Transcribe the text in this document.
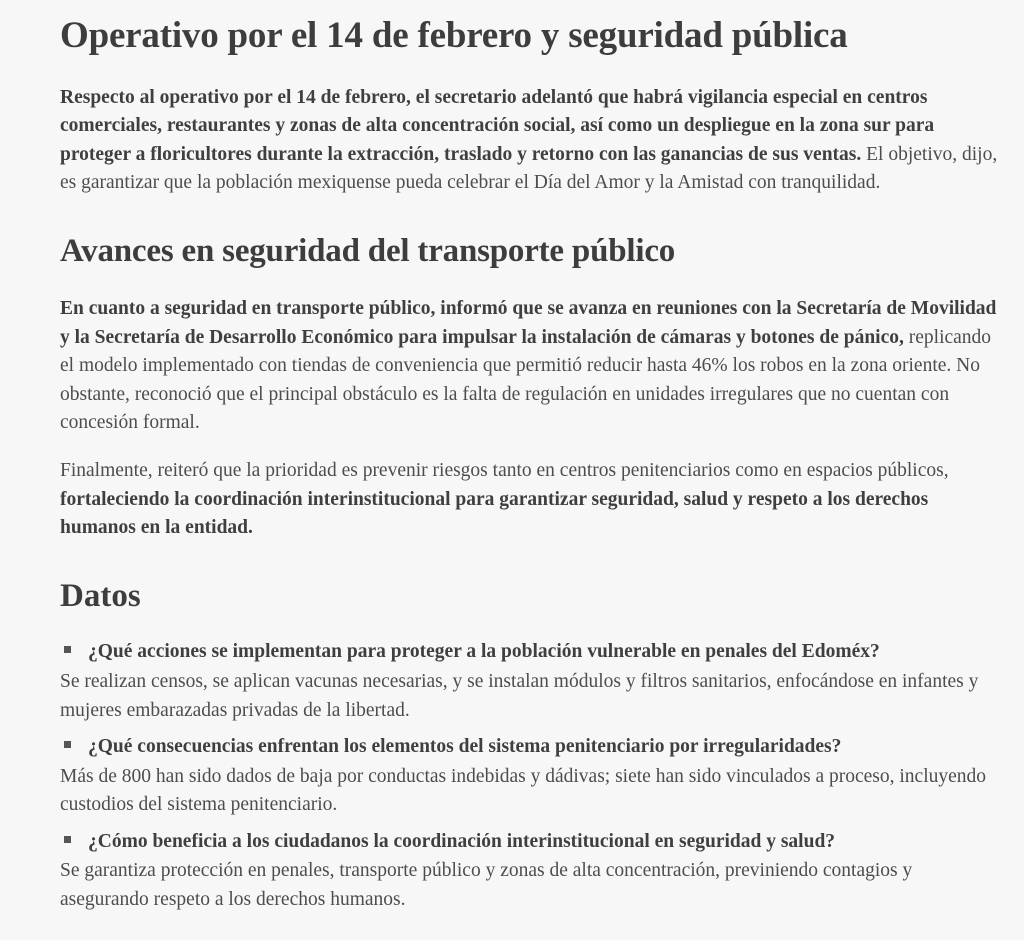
Operativo por el 14 de febrero y seguridad pública

Respecto al operativo por el 14 de febrero, el secretario adelantó que habrá vigilancia especial en centros comerciales, restaurantes y zonas de alta concentración social, así como un despliegue en la zona sur para proteger a floricultores durante la extracción, traslado y retorno con las ganancias de sus ventas. El objetivo, dijo, es garantizar que la población mexiquense pueda celebrar el Día del Amor y la Amistad con tranquilidad.

Avances en seguridad del transporte público

En cuanto a seguridad en transporte público, informó que se avanza en reuniones con la Secretaría de Movilidad y la Secretaría de Desarrollo Económico para impulsar la instalación de cámaras y botones de pánico, replicando el modelo implementado con tiendas de conveniencia que permitió reducir hasta 46% los robos en la zona oriente. No obstante, reconoció que el principal obstáculo es la falta de regulación en unidades irregulares que no cuentan con concesión formal.

Finalmente, reiteró que la prioridad es prevenir riesgos tanto en centros penitenciarios como en espacios públicos, fortaleciendo la coordinación interinstitucional para garantizar seguridad, salud y respeto a los derechos humanos en la entidad.

Datos
¿Qué acciones se implementan para proteger a la población vulnerable en penales del Edoméx?
Se realizan censos, se aplican vacunas necesarias, y se instalan módulos y filtros sanitarios, enfocándose en infantes y mujeres embarazadas privadas de la libertad.
¿Qué consecuencias enfrentan los elementos del sistema penitenciario por irregularidades?
Más de 800 han sido dados de baja por conductas indebidas y dádivas; siete han sido vinculados a proceso, incluyendo custodios del sistema penitenciario.
¿Cómo beneficia a los ciudadanos la coordinación interinstitucional en seguridad y salud?
Se garantiza protección en penales, transporte público y zonas de alta concentración, previniendo contagios y asegurando respeto a los derechos humanos.
